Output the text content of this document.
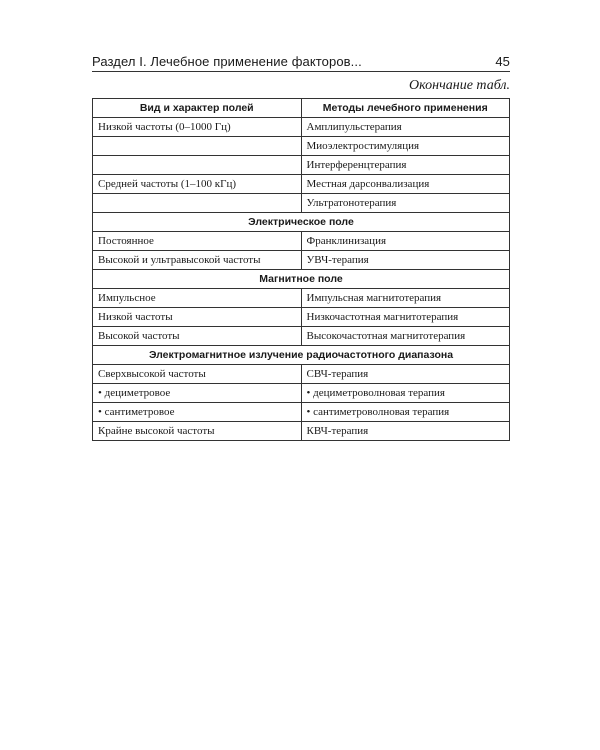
Раздел I. Лечебное применение факторов...	45
Окончание табл.
Вид и характер полей	Методы лечебного применения
Низкой частоты (0–1000 Гц)	Амплипульстерапия
	Миоэлектростимуляция
	Интерференцтерапия
Средней частоты (1–100 кГц)	Местная дарсонвализация
	Ультратонотерапия
Электрическое поле	
Постоянное	Франклинизация
Высокой и ультравысокой частоты	УВЧ-терапия
Магнитное поле	
Импульсное	Импульсная магнитотерапия
Низкой частоты	Низкочастотная магнитотерапия
Высокой частоты	Высокочастотная магнитотерапия
Электромагнитное излучение радиочастотного диапазона	
Сверхвысокой частоты	СВЧ-терапия
• дециметровое	• дециметроволновая терапия
• сантиметровое	• сантиметроволновая терапия
Крайне высокой частоты	КВЧ-терапия
